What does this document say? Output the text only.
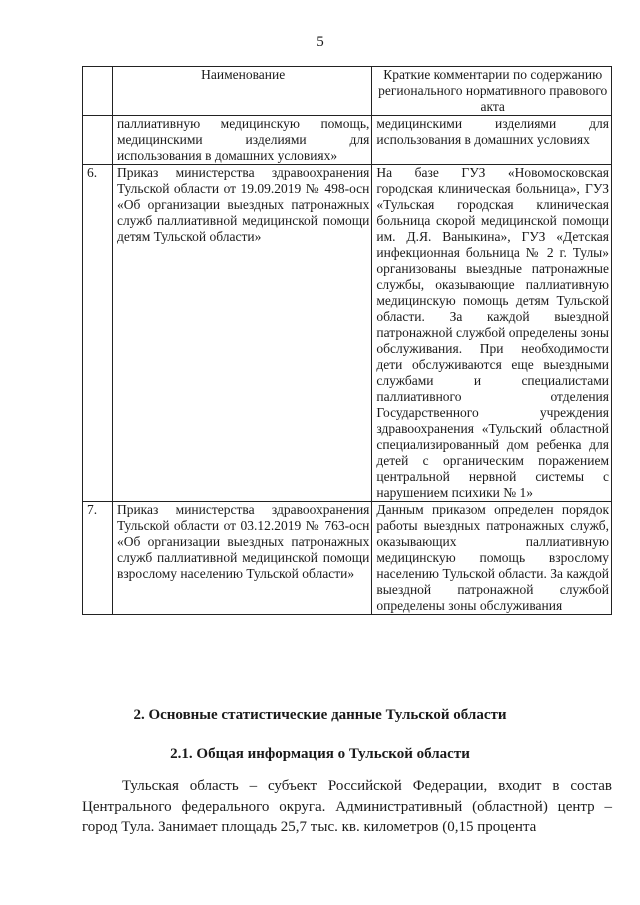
5
	Наименование	Краткие комментарии по содержанию регионального нормативного правового акта
	паллиативную медицинскую помощь, медицинскими изделиями для использования в домашних условиях»	медицинскими изделиями для использования в домашних условиях
6.	Приказ министерства здравоохранения Тульской области от 19.09.2019 № 498-осн «Об организации выездных патронажных служб паллиативной медицинской помощи детям Тульской области»	На базе ГУЗ «Новомосковская городская клиническая больница», ГУЗ «Тульская городская клиническая больница скорой медицинской помощи им. Д.Я. Ваныкина», ГУЗ «Детская инфекционная больница № 2 г. Тулы» организованы выездные патронажные службы, оказывающие паллиативную медицинскую помощь детям Тульской области. За каждой выездной патронажной службой определены зоны обслуживания. При необходимости дети обслуживаются еще выездными службами и специалистами паллиативного отделения Государственного учреждения здравоохранения «Тульский областной специализированный дом ребенка для детей с органическим поражением центральной нервной системы с нарушением психики № 1»
7.	Приказ министерства здравоохранения Тульской области от 03.12.2019 № 763-осн «Об организации выездных патронажных служб паллиативной медицинской помощи взрослому населению Тульской области»	Данным приказом определен порядок работы выездных патронажных служб, оказывающих паллиативную медицинскую помощь взрослому населению Тульской области. За каждой выездной патронажной службой определены зоны обслуживания
2. Основные статистические данные Тульской области
2.1. Общая информация о Тульской области

Тульская область – субъект Российской Федерации, входит в состав Центрального федерального округа. Административный (областной) центр – город Тула. Занимает площадь 25,7 тыс. кв. километров (0,15 процента
